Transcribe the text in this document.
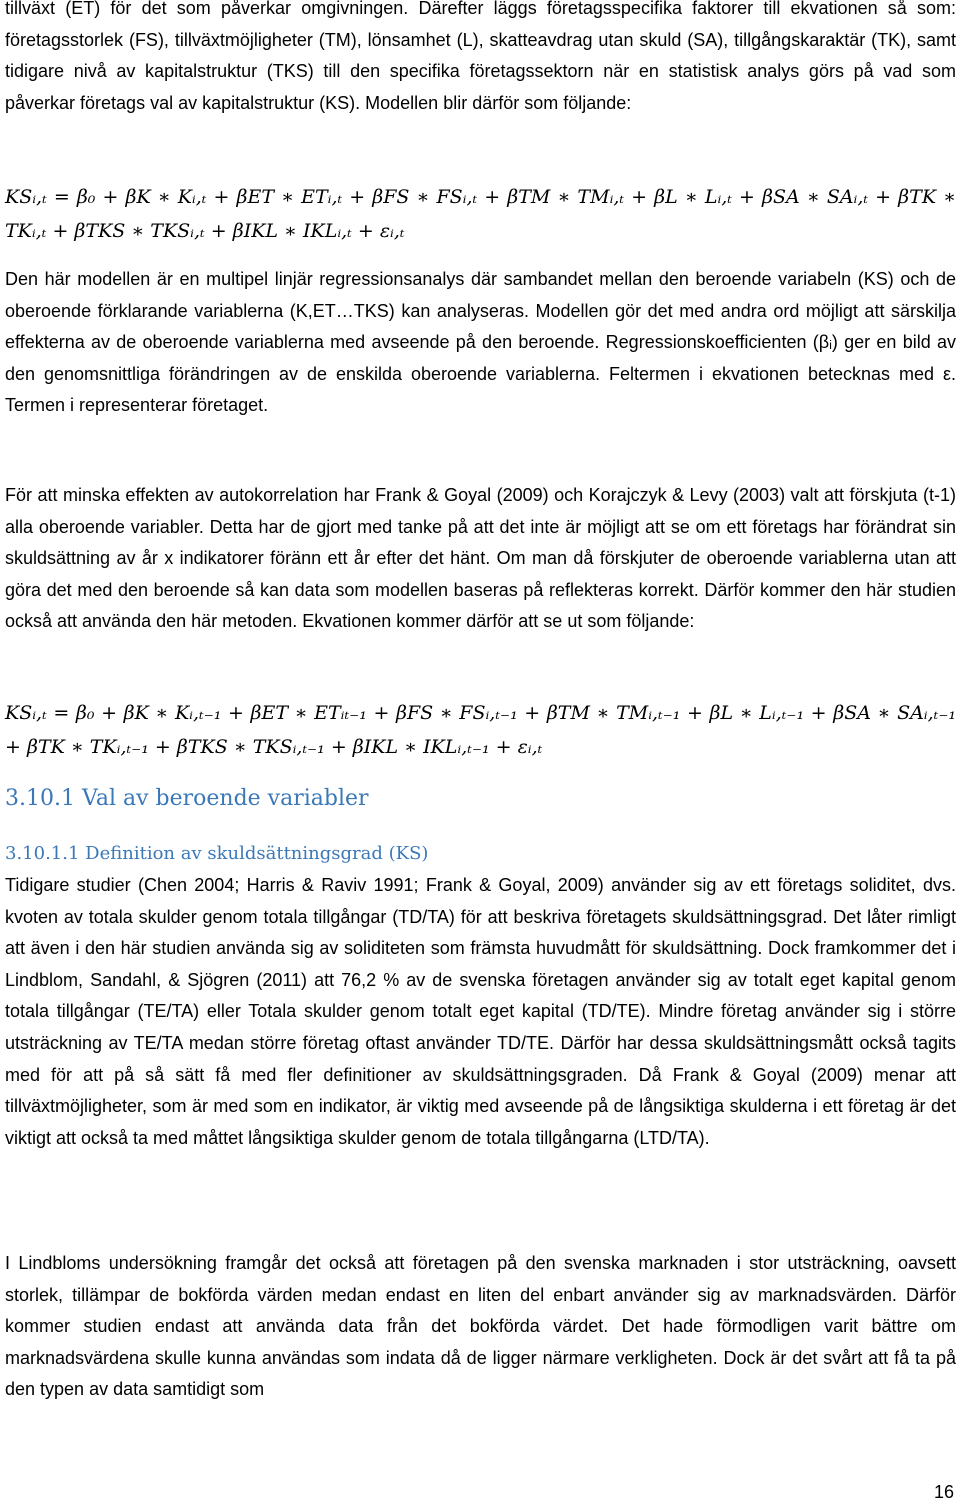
tillväxt (ET) för det som påverkar omgivningen. Därefter läggs företagsspecifika faktorer till ekvationen så som: företagsstorlek (FS), tillväxtmöjligheter (TM), lönsamhet (L), skatteavdrag utan skuld (SA), tillgångskaraktär (TK), samt tidigare nivå av kapitalstruktur (TKS) till den specifika företagssektorn när en statistisk analys görs på vad som påverkar företags val av kapitalstruktur (KS). Modellen blir därför som följande:

KSᵢ,ₜ = β₀ + βK ∗ Kᵢ,ₜ + βET ∗ ETᵢ,ₜ + βFS ∗ FSᵢ,ₜ + βTM ∗ TMᵢ,ₜ + βL ∗ Lᵢ,ₜ + βSA ∗ SAᵢ,ₜ + βTK ∗ TKᵢ,ₜ + βTKS ∗ TKSᵢ,ₜ + βIKL ∗ IKLᵢ,ₜ + εᵢ,ₜ

Den här modellen är en multipel linjär regressionsanalys där sambandet mellan den beroende variabeln (KS) och de oberoende förklarande variablerna (K,ET…TKS) kan analyseras. Modellen gör det med andra ord möjligt att särskilja effekterna av de oberoende variablerna med avseende på den beroende. Regressionskoefficienten (βᵢ) ger en bild av den genomsnittliga förändringen av de enskilda oberoende variablerna. Feltermen i ekvationen betecknas med ε. Termen i representerar företaget.

För att minska effekten av autokorrelation har Frank & Goyal (2009) och Korajczyk & Levy (2003) valt att förskjuta (t-1) alla oberoende variabler. Detta har de gjort med tanke på att det inte är möjligt att se om ett företags har förändrat sin skuldsättning av år x indikatorer föränn ett år efter det hänt. Om man då förskjuter de oberoende variablerna utan att göra det med den beroende så kan data som modellen baseras på reflekteras korrekt. Därför kommer den här studien också att använda den här metoden. Ekvationen kommer därför att se ut som följande:

KSᵢ,ₜ = β₀ + βK ∗ Kᵢ,ₜ₋₁ + βET ∗ ETᵢₜ₋₁ + βFS ∗ FSᵢ,ₜ₋₁ + βTM ∗ TMᵢ,ₜ₋₁ + βL ∗ Lᵢ,ₜ₋₁ + βSA ∗ SAᵢ,ₜ₋₁ + βTK ∗ TKᵢ,ₜ₋₁ + βTKS ∗ TKSᵢ,ₜ₋₁ + βIKL ∗ IKLᵢ,ₜ₋₁ + εᵢ,ₜ

3.10.1 Val av beroende variabler
3.10.1.1 Definition av skuldsättningsgrad (KS)

Tidigare studier (Chen 2004; Harris & Raviv 1991; Frank & Goyal, 2009) använder sig av ett företags soliditet, dvs. kvoten av totala skulder genom totala tillgångar (TD/TA) för att beskriva företagets skuldsättningsgrad. Det låter rimligt att även i den här studien använda sig av soliditeten som främsta huvudmått för skuldsättning. Dock framkommer det i Lindblom, Sandahl, & Sjögren (2011) att 76,2 % av de svenska företagen använder sig av totalt eget kapital genom totala tillgångar (TE/TA) eller Totala skulder genom totalt eget kapital (TD/TE). Mindre företag använder sig i större utsträckning av TE/TA medan större företag oftast använder TD/TE. Därför har dessa skuldsättningsmått också tagits med för att på så sätt få med fler definitioner av skuldsättningsgraden. Då Frank & Goyal (2009) menar att tillväxtmöjligheter, som är med som en indikator, är viktig med avseende på de långsiktiga skulderna i ett företag är det viktigt att också ta med måttet långsiktiga skulder genom de totala tillgångarna (LTD/TA).

I Lindbloms undersökning framgår det också att företagen på den svenska marknaden i stor utsträckning, oavsett storlek, tillämpar de bokförda värden medan endast en liten del enbart använder sig av marknadsvärden. Därför kommer studien endast att använda data från det bokförda värdet. Det hade förmodligen varit bättre om marknadsvärdena skulle kunna användas som indata då de ligger närmare verkligheten. Dock är det svårt att få ta på den typen av data samtidigt som

16
